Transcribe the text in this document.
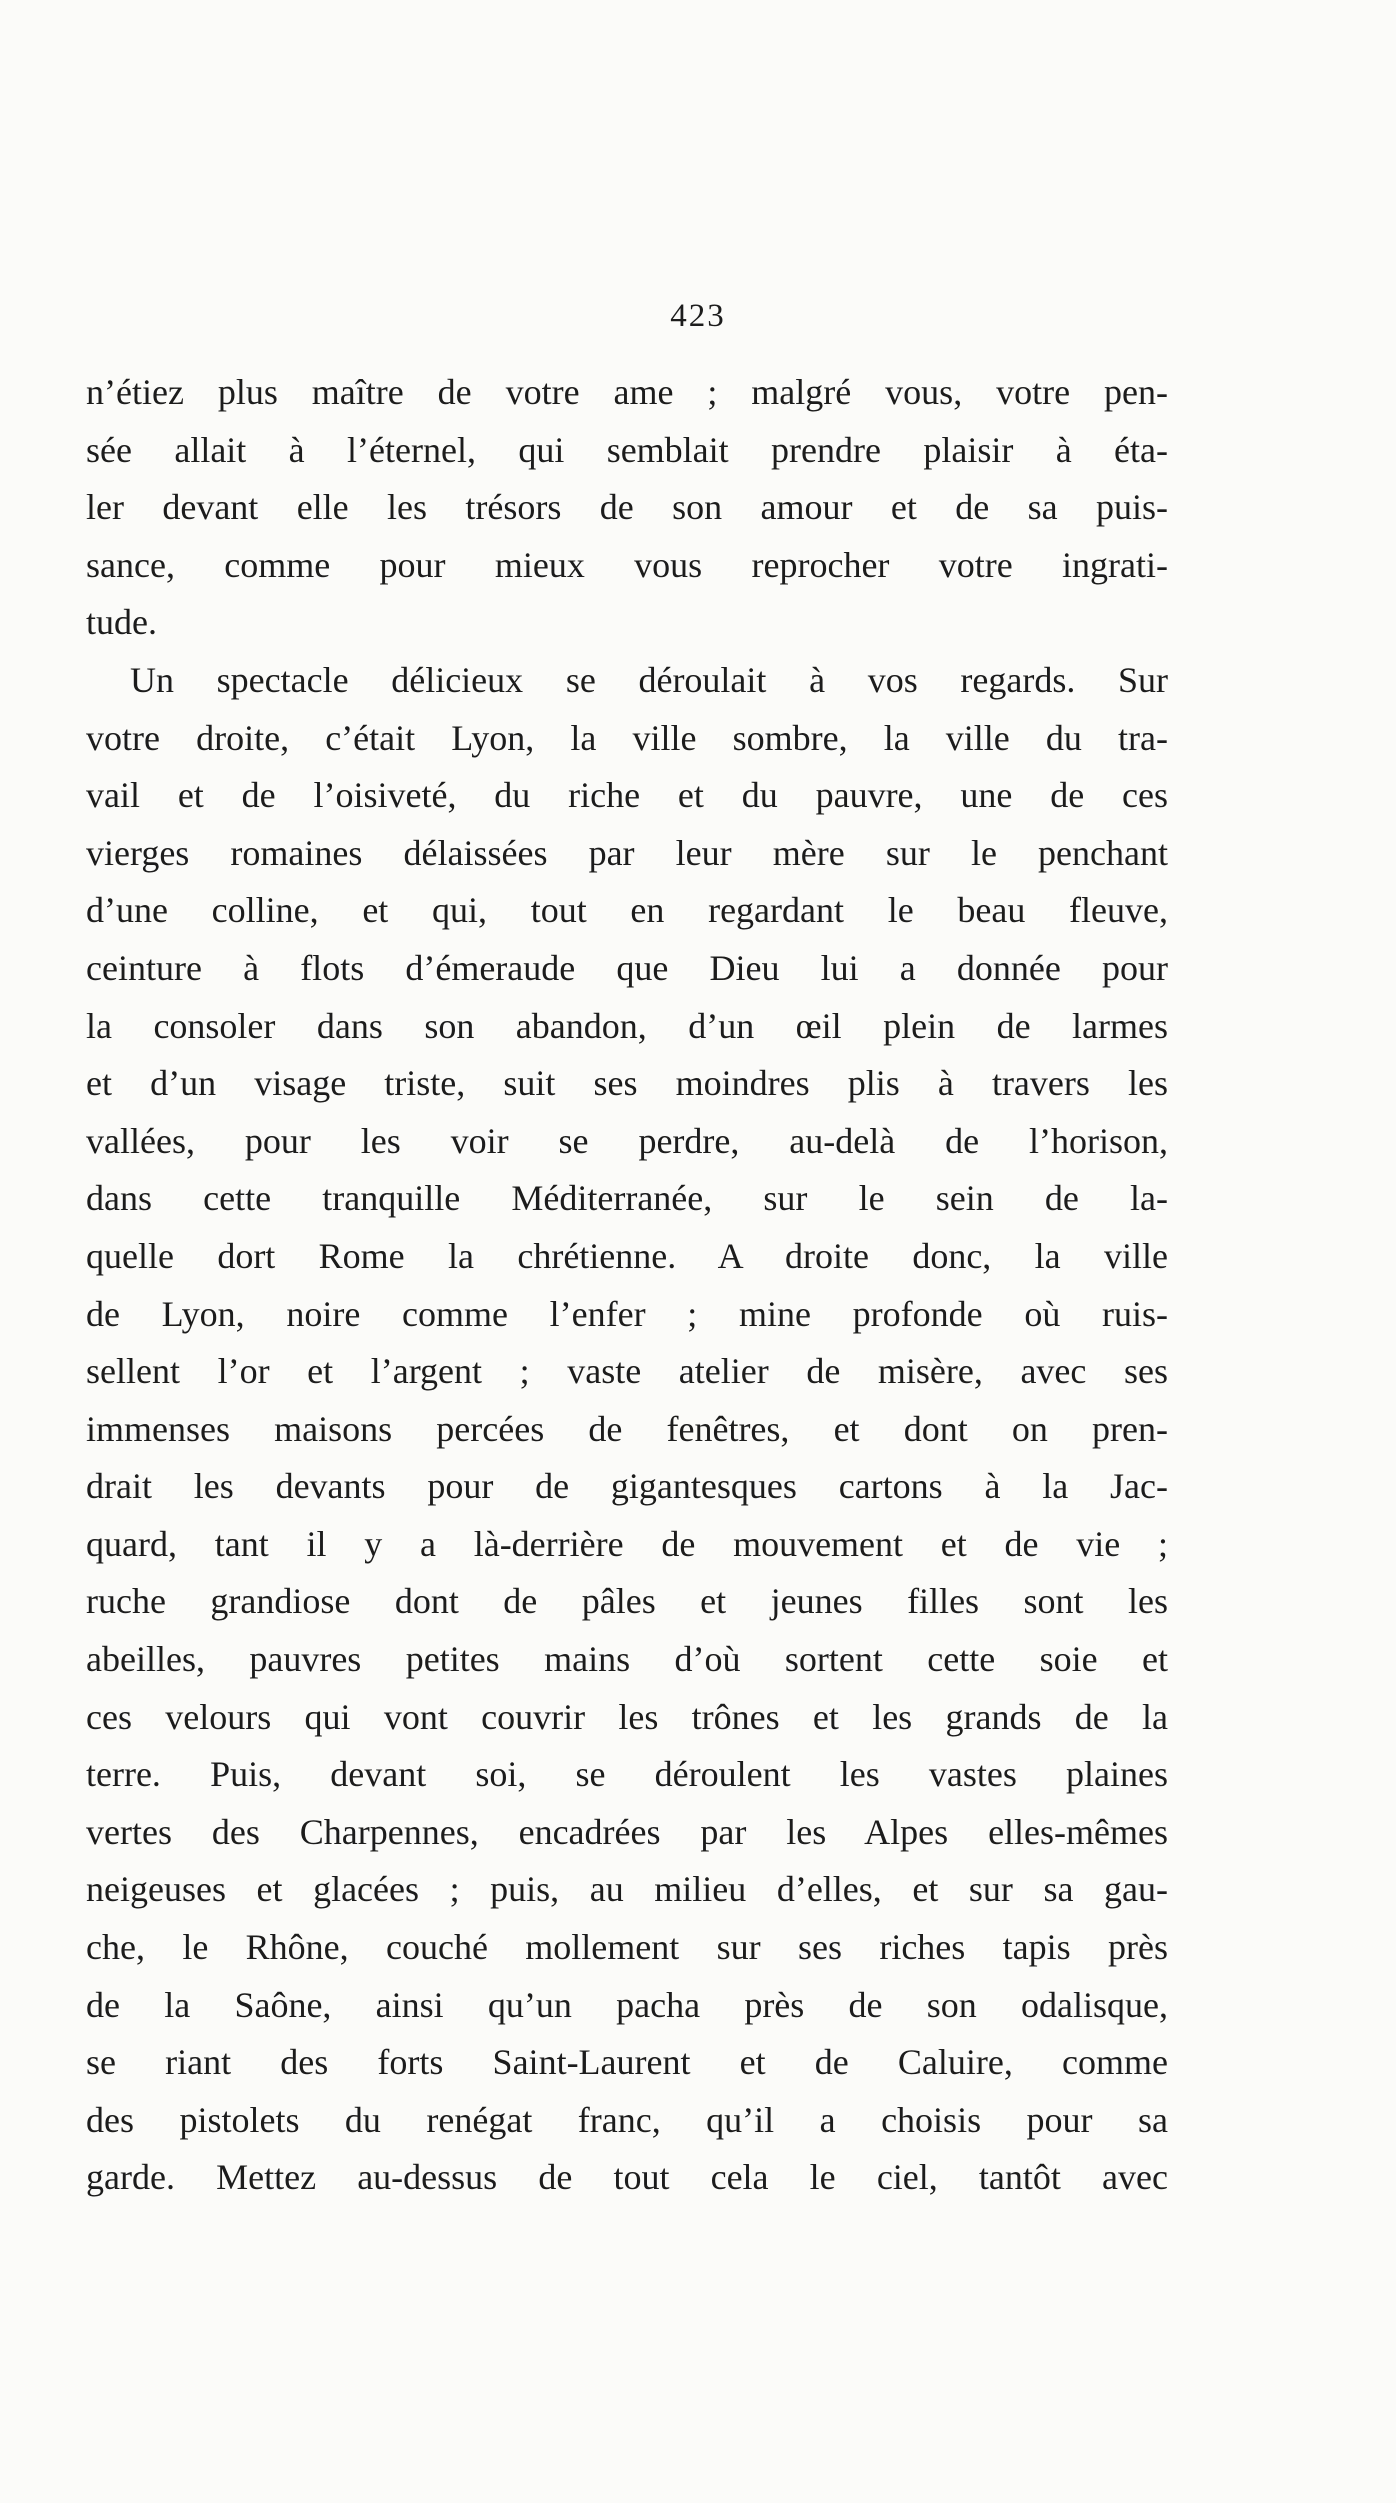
423
n’étiez plus maître de votre ame ; malgré vous, votre pen-
sée allait à l’éternel, qui semblait prendre plaisir à éta-
ler devant elle les trésors de son amour et de sa puis-
sance, comme pour mieux vous reprocher votre ingrati-
tude.
Un spectacle délicieux se déroulait à vos regards. Sur
votre droite, c’était Lyon, la ville sombre, la ville du tra-
vail et de l’oisiveté, du riche et du pauvre, une de ces
vierges romaines délaissées par leur mère sur le penchant
d’une colline, et qui, tout en regardant le beau fleuve,
ceinture à flots d’émeraude que Dieu lui a donnée pour
la consoler dans son abandon, d’un œil plein de larmes
et d’un visage triste, suit ses moindres plis à travers les
vallées, pour les voir se perdre, au-delà de l’horison,
dans cette tranquille Méditerranée, sur le sein de la-
quelle dort Rome la chrétienne. A droite donc, la ville
de Lyon, noire comme l’enfer ; mine profonde où ruis-
sellent l’or et l’argent ; vaste atelier de misère, avec ses
immenses maisons percées de fenêtres, et dont on pren-
drait les devants pour de gigantesques cartons à la Jac-
quard, tant il y a là-derrière de mouvement et de vie ;
ruche grandiose dont de pâles et jeunes filles sont les
abeilles, pauvres petites mains d’où sortent cette soie et
ces velours qui vont couvrir les trônes et les grands de la
terre. Puis, devant soi, se déroulent les vastes plaines
vertes des Charpennes, encadrées par les Alpes elles-mêmes
neigeuses et glacées ; puis, au milieu d’elles, et sur sa gau-
che, le Rhône, couché mollement sur ses riches tapis près
de la Saône, ainsi qu’un pacha près de son odalisque,
se riant des forts Saint-Laurent et de Caluire, comme
des pistolets du renégat franc, qu’il a choisis pour sa
garde. Mettez au-dessus de tout cela le ciel, tantôt avec
